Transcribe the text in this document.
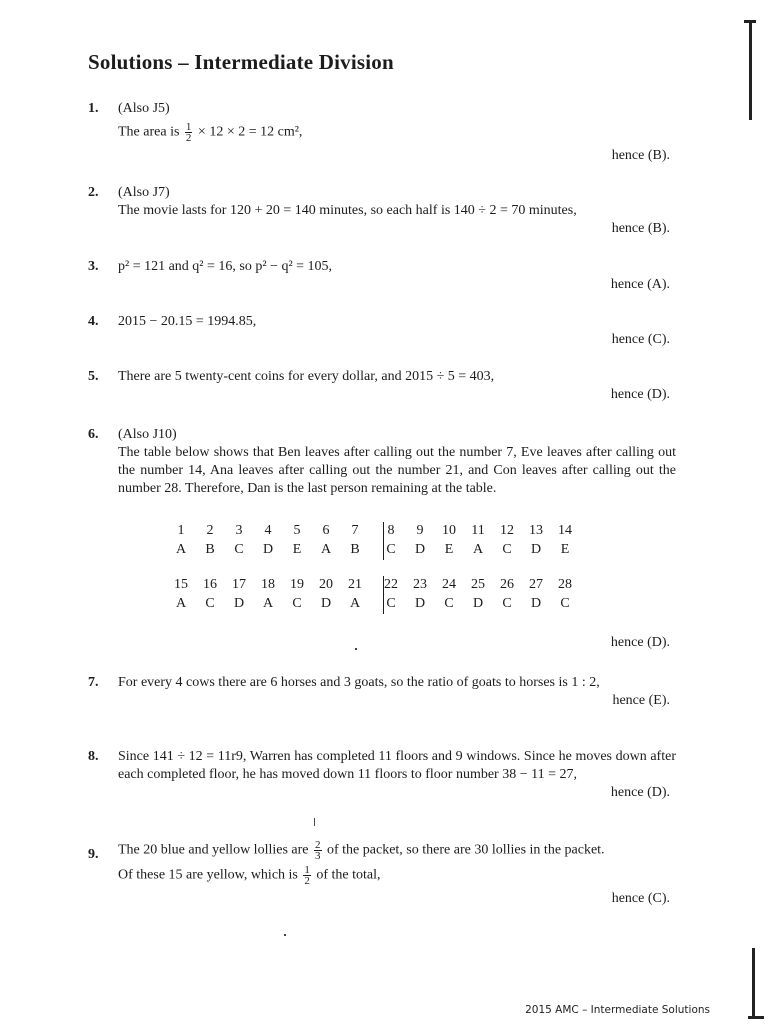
Solutions – Intermediate Division
1. (Also J5)
The area is $\frac{1}{2} \times 12 \times 2 = 12$ cm²,
hence (B).
2. (Also J7)
The movie lasts for 120 + 20 = 140 minutes, so each half is 140 ÷ 2 = 70 minutes,
hence (B).
3. p² = 121 and q² = 16, so p² − q² = 105,
hence (A).
4. 2015 − 20.15 = 1994.85,
hence (C).
5. There are 5 twenty-cent coins for every dollar, and 2015 ÷ 5 = 403,
hence (D).
6. (Also J10)
The table below shows that Ben leaves after calling out the number 7, Eve leaves after calling out the number 14, Ana leaves after calling out the number 21, and Con leaves after calling out the number 28. Therefore, Dan is the last person remaining at the table.
1	2	3	4	5	6	7	8	9	10	11	12	13	14
A	B	C	D	E	A	B	C	D	E	A	C	D	E
15	16	17	18	19	20	21	22	23	24	25	26	27	28
A	C	D	A	C	D	A	C	D	C	D	C	D	C
hence (D).
7. For every 4 cows there are 6 horses and 3 goats, so the ratio of goats to horses is 1 : 2,
hence (E).
8. Since 141 ÷ 12 = 11r9, Warren has completed 11 floors and 9 windows. Since he moves down after each completed floor, he has moved down 11 floors to floor number 38 − 11 = 27,
hence (D).
9. The 20 blue and yellow lollies are $\frac{2}{3}$ of the packet, so there are 30 lollies in the packet.
Of these 15 are yellow, which is $\frac{1}{2}$ of the total,
hence (C).
2015 AMC – Intermediate Solutions
